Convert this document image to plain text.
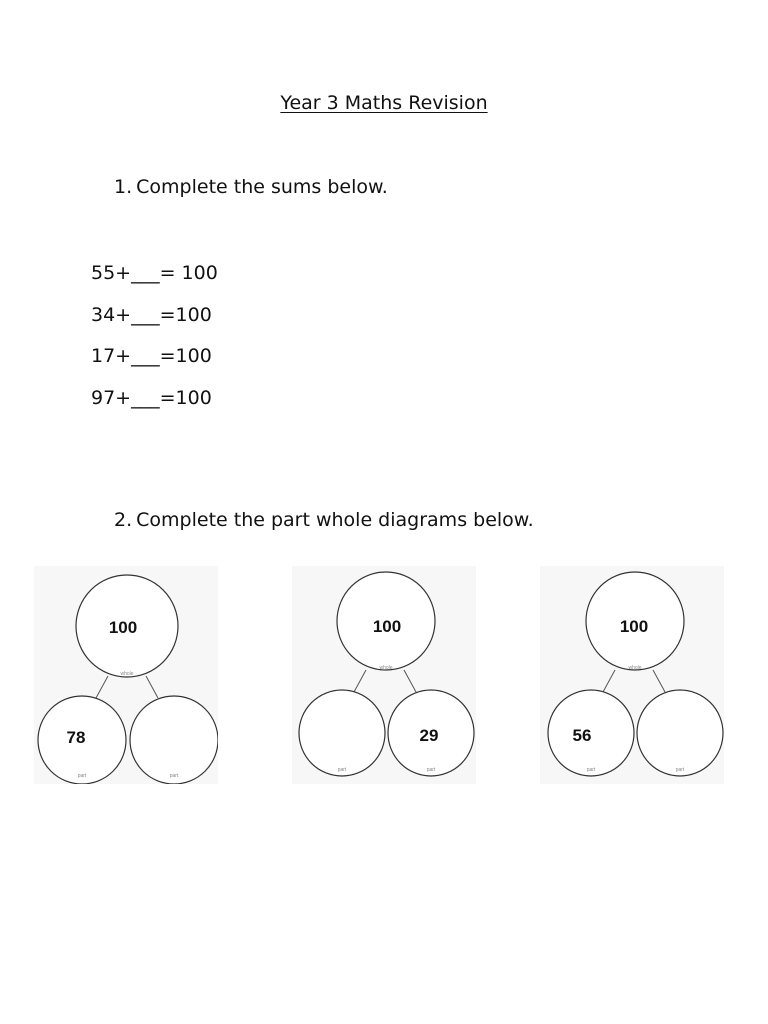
Year 3 Maths Revision

1. Complete the sums below.

55+___= 100
34+___=100
17+___=100
97+___=100

2. Complete the part whole diagrams below.

100
whole
78
part	part
100
whole
29
part	part
100
whole
56
part	part
